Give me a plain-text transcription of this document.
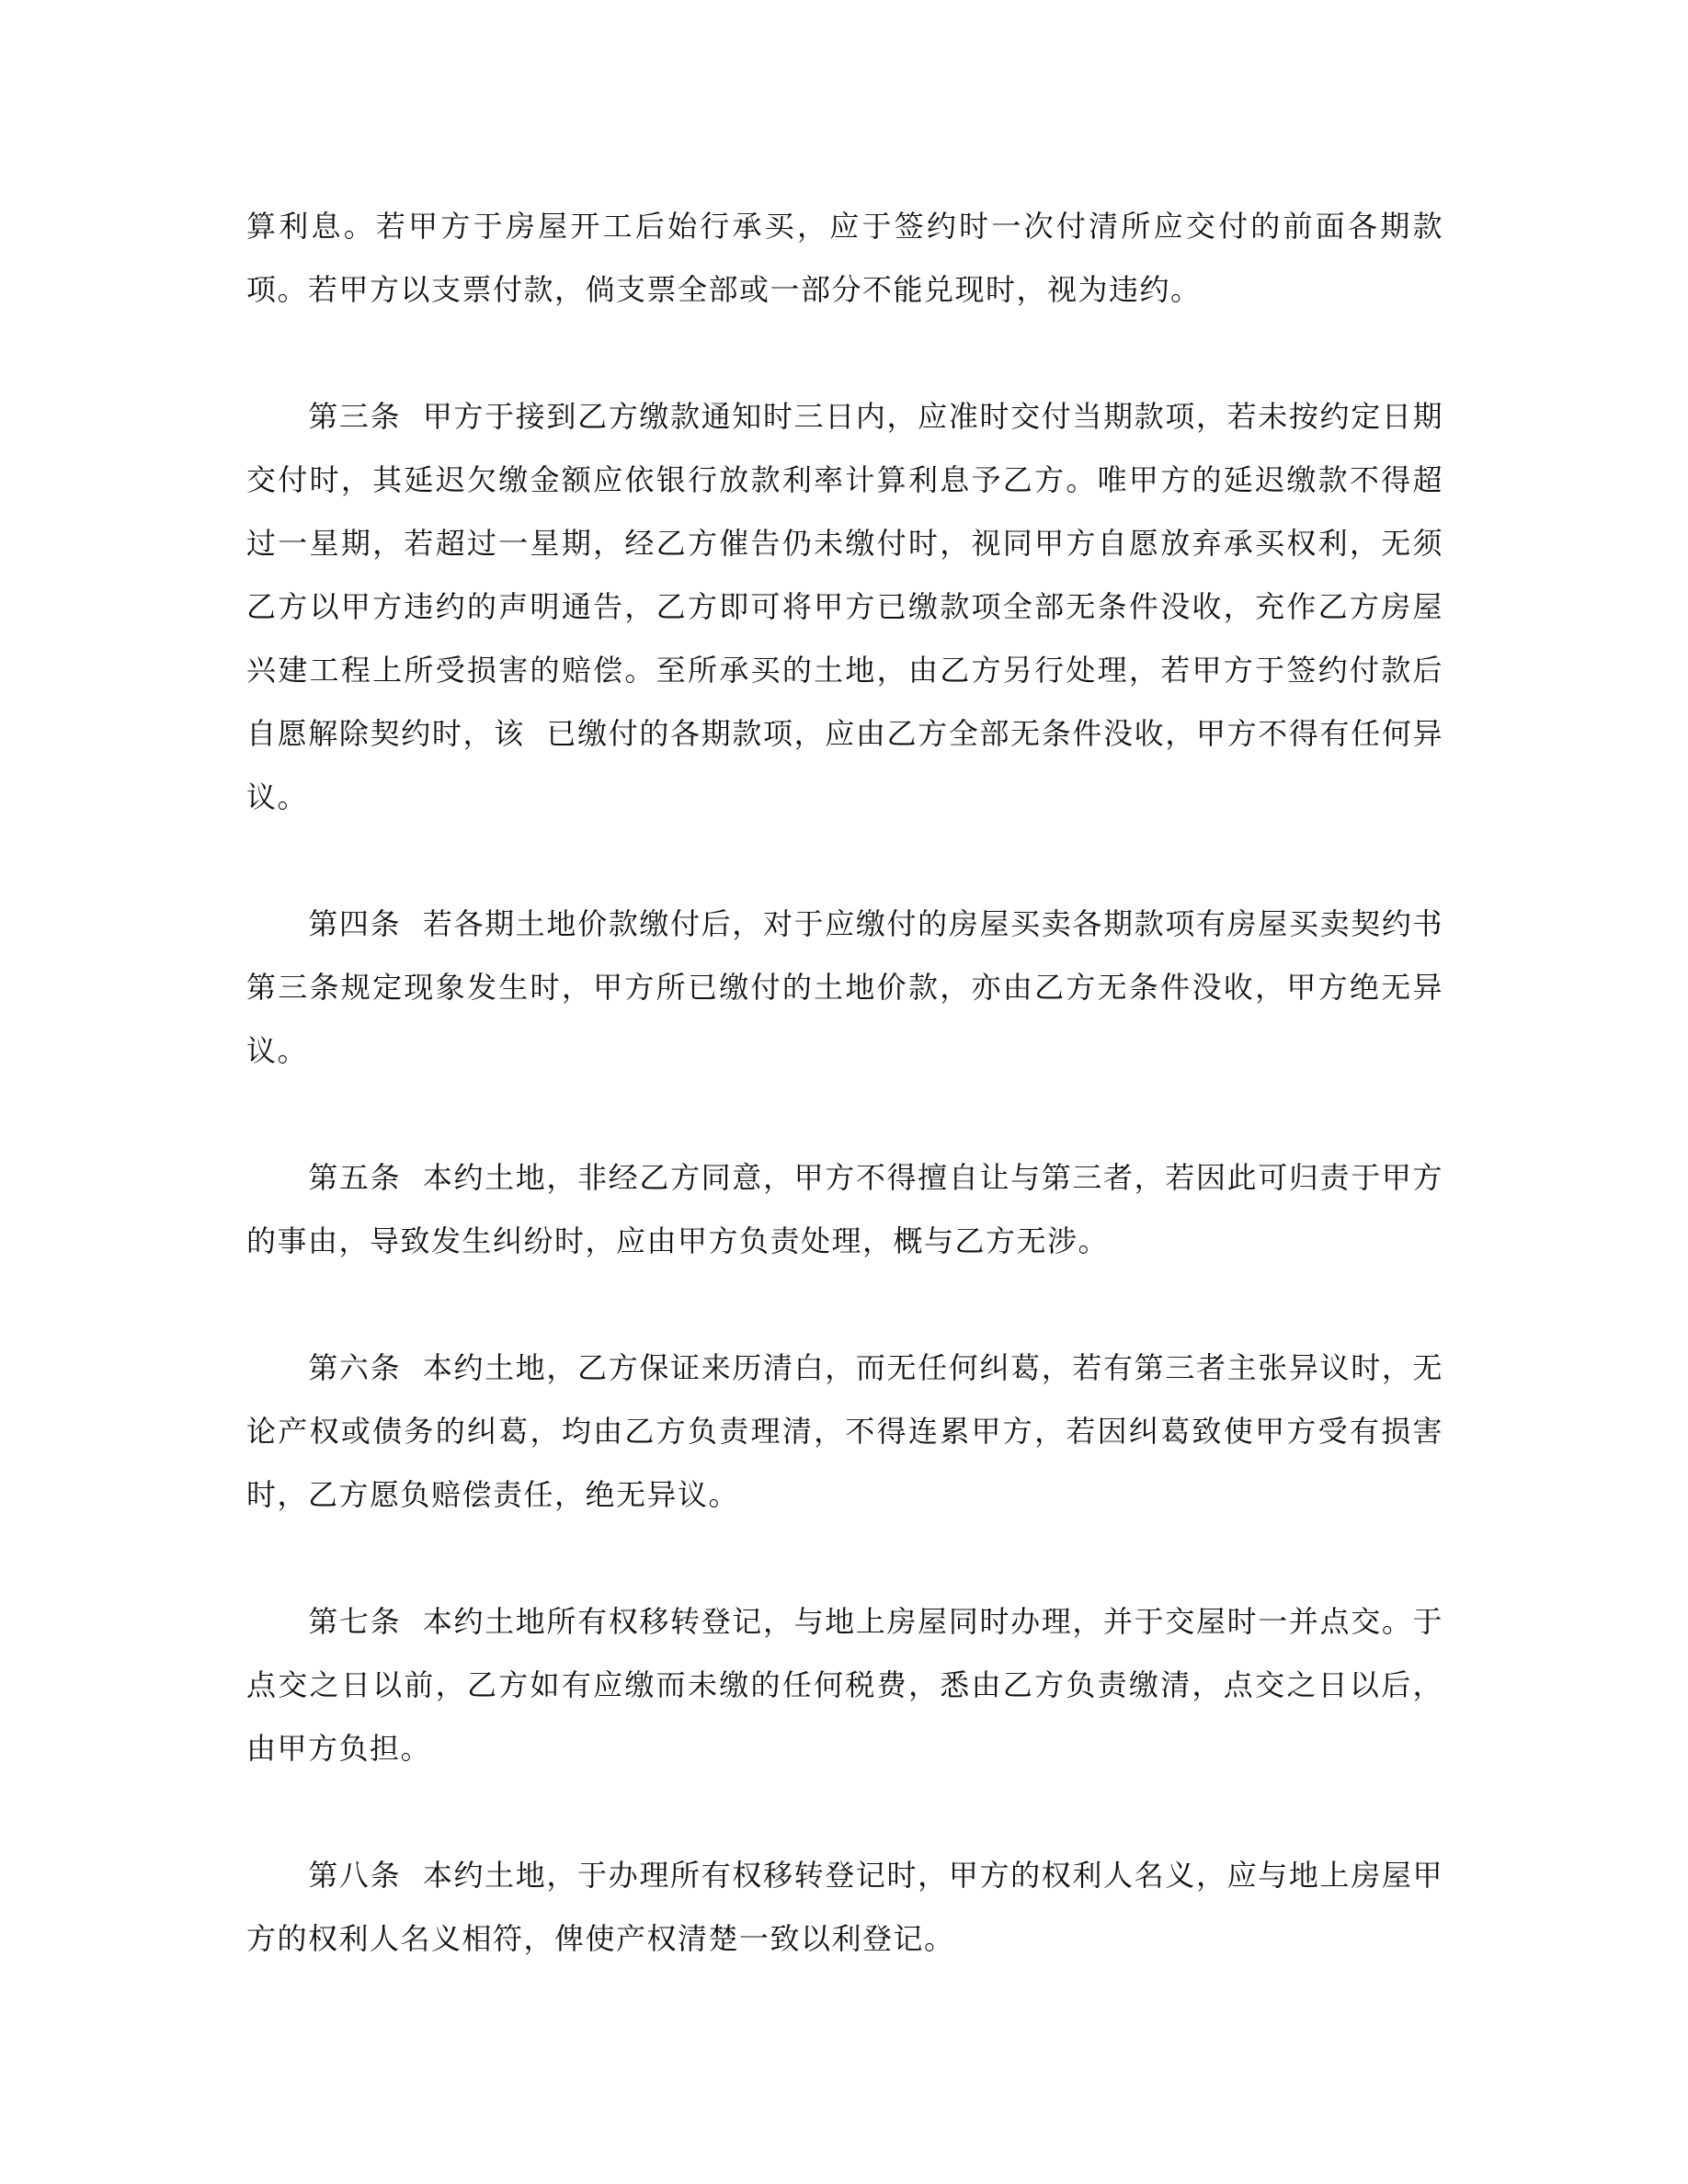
算利息。若甲方于房屋开工后始行承买，应于签约时一次付清所应交付的前面各期款项。若甲方以支票付款，倘支票全部或一部分不能兑现时，视为违约。

　　第三条  甲方于接到乙方缴款通知时三日内，应准时交付当期款项，若未按约定日期交付时，其延迟欠缴金额应依银行放款利率计算利息予乙方。唯甲方的延迟缴款不得超过一星期，若超过一星期，经乙方催告仍未缴付时，视同甲方自愿放弃承买权利，无须乙方以甲方违约的声明通告，乙方即可将甲方已缴款项全部无条件没收，充作乙方房屋兴建工程上所受损害的赔偿。至所承买的土地，由乙方另行处理，若甲方于签约付款后自愿解除契约时，该  已缴付的各期款项，应由乙方全部无条件没收，甲方不得有任何异议。

　　第四条  若各期土地价款缴付后，对于应缴付的房屋买卖各期款项有房屋买卖契约书第三条规定现象发生时，甲方所已缴付的土地价款，亦由乙方无条件没收，甲方绝无异议。

　　第五条  本约土地，非经乙方同意，甲方不得擅自让与第三者，若因此可归责于甲方的事由，导致发生纠纷时，应由甲方负责处理，概与乙方无涉。

　　第六条  本约土地，乙方保证来历清白，而无任何纠葛，若有第三者主张异议时，无论产权或债务的纠葛，均由乙方负责理清，不得连累甲方，若因纠葛致使甲方受有损害时，乙方愿负赔偿责任，绝无异议。

　　第七条  本约土地所有权移转登记，与地上房屋同时办理，并于交屋时一并点交。于点交之日以前，乙方如有应缴而未缴的任何税费，悉由乙方负责缴清，点交之日以后，由甲方负担。

　　第八条  本约土地，于办理所有权移转登记时，甲方的权利人名义，应与地上房屋甲方的权利人名义相符，俾使产权清楚一致以利登记。
